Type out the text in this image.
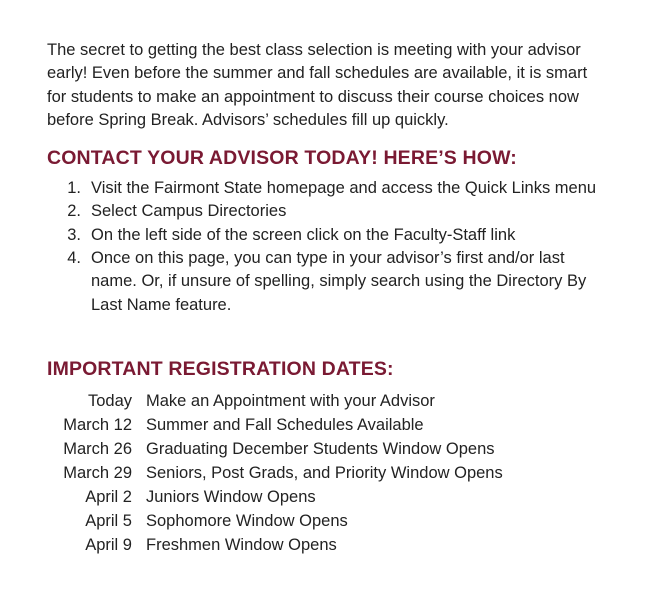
The secret to getting the best class selection is meeting with your advisor early! Even before the summer and fall schedules are available, it is smart for students to make an appointment to discuss their course choices now before Spring Break. Advisors’ schedules fill up quickly.

CONTACT YOUR ADVISOR TODAY! HERE’S HOW:
1. Visit the Fairmont State homepage and access the Quick Links menu
2. Select Campus Directories
3. On the left side of the screen click on the Faculty-Staff link
4. Once on this page, you can type in your advisor’s first and/or last name. Or, if unsure of spelling, simply search using the Directory By Last Name feature.
IMPORTANT REGISTRATION DATES:
Today Make an Appointment with your Advisor
March 12 Summer and Fall Schedules Available
March 26 Graduating December Students Window Opens
March 29 Seniors, Post Grads, and Priority Window Opens
April 2 Juniors Window Opens
April 5 Sophomore Window Opens
April 9 Freshmen Window Opens
